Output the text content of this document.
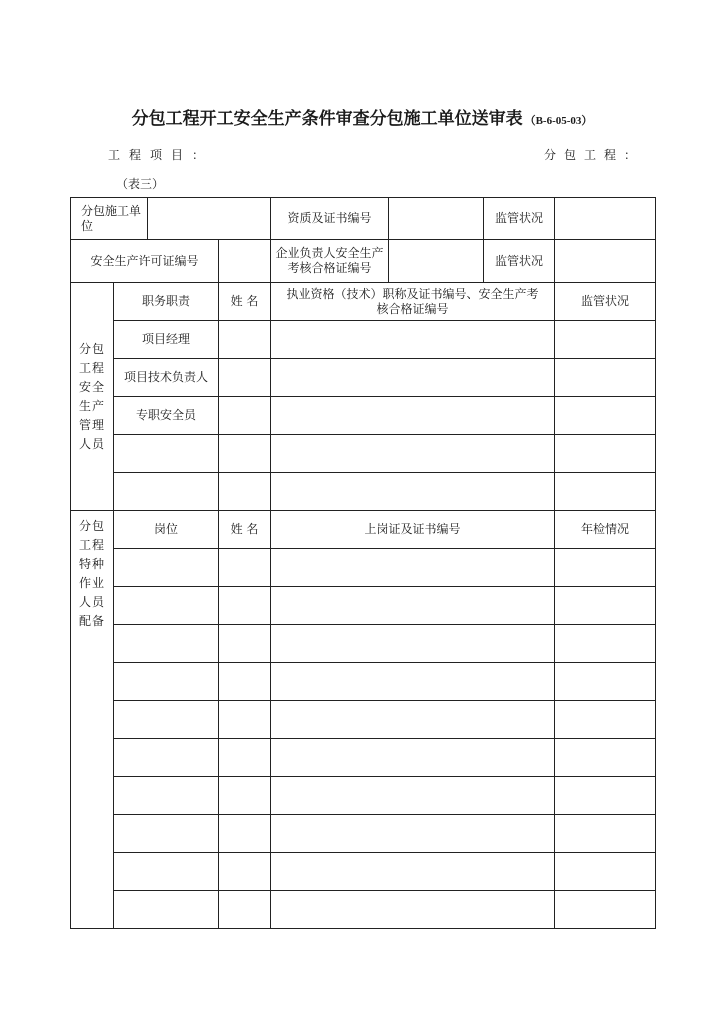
分包工程开工安全生产条件审查分包施工单位送审表 （B-6-05-03）
工程项目：	分包工程：
（表三）
分包施工单 位				资质及证书编号		监管状况	
安全生产许可证编号				企业负责人安全生产考核合格证编号		监管状况	

分包工程安全生产管理人员	职务职责		姓 名	执业资格（技术）职称及证书编号、安全生产考核合格证编号			监管状况
	项目经理						
	项目技术负责人						
	专职安全员						

分包工程特种作业人员配备	岗位		姓 名	上岗证及证书编号			年检情况
